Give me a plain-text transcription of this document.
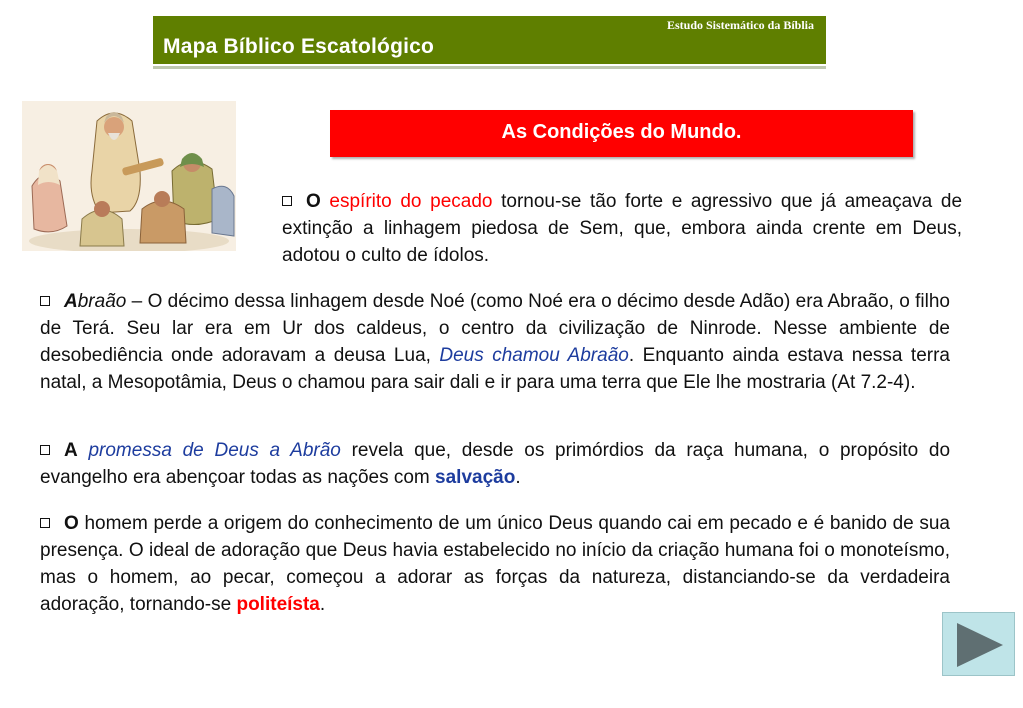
Estudo Sistemático da Bíblia
Mapa Bíblico Escatológico
As Condições do Mundo.
O espírito do pecado tornou-se tão forte e agressivo que já ameaçava de extinção a linhagem piedosa de Sem, que, embora ainda crente em Deus, adotou o culto de ídolos.
Abraão – O décimo dessa linhagem desde Noé (como Noé era o décimo desde Adão) era Abraão, o filho de Terá. Seu lar era em Ur dos caldeus, o centro da civilização de Ninrode. Nesse ambiente de desobediência onde adoravam a deusa Lua, Deus chamou Abraão. Enquanto ainda estava nessa terra natal, a Mesopotâmia, Deus o chamou para sair dali e ir para uma terra que Ele lhe mostraria (At 7.2-4).
A promessa de Deus a Abrão revela que, desde os primórdios da raça humana, o propósito do evangelho era abençoar todas as nações com salvação.
O homem perde a origem do conhecimento de um único Deus quando cai em pecado e é banido de sua presença. O ideal de adoração que Deus havia estabelecido no início da criação humana foi o monoteísmo, mas o homem, ao pecar, começou a adorar as forças da natureza, distanciando-se da verdadeira adoração, tornando-se politeísta.
